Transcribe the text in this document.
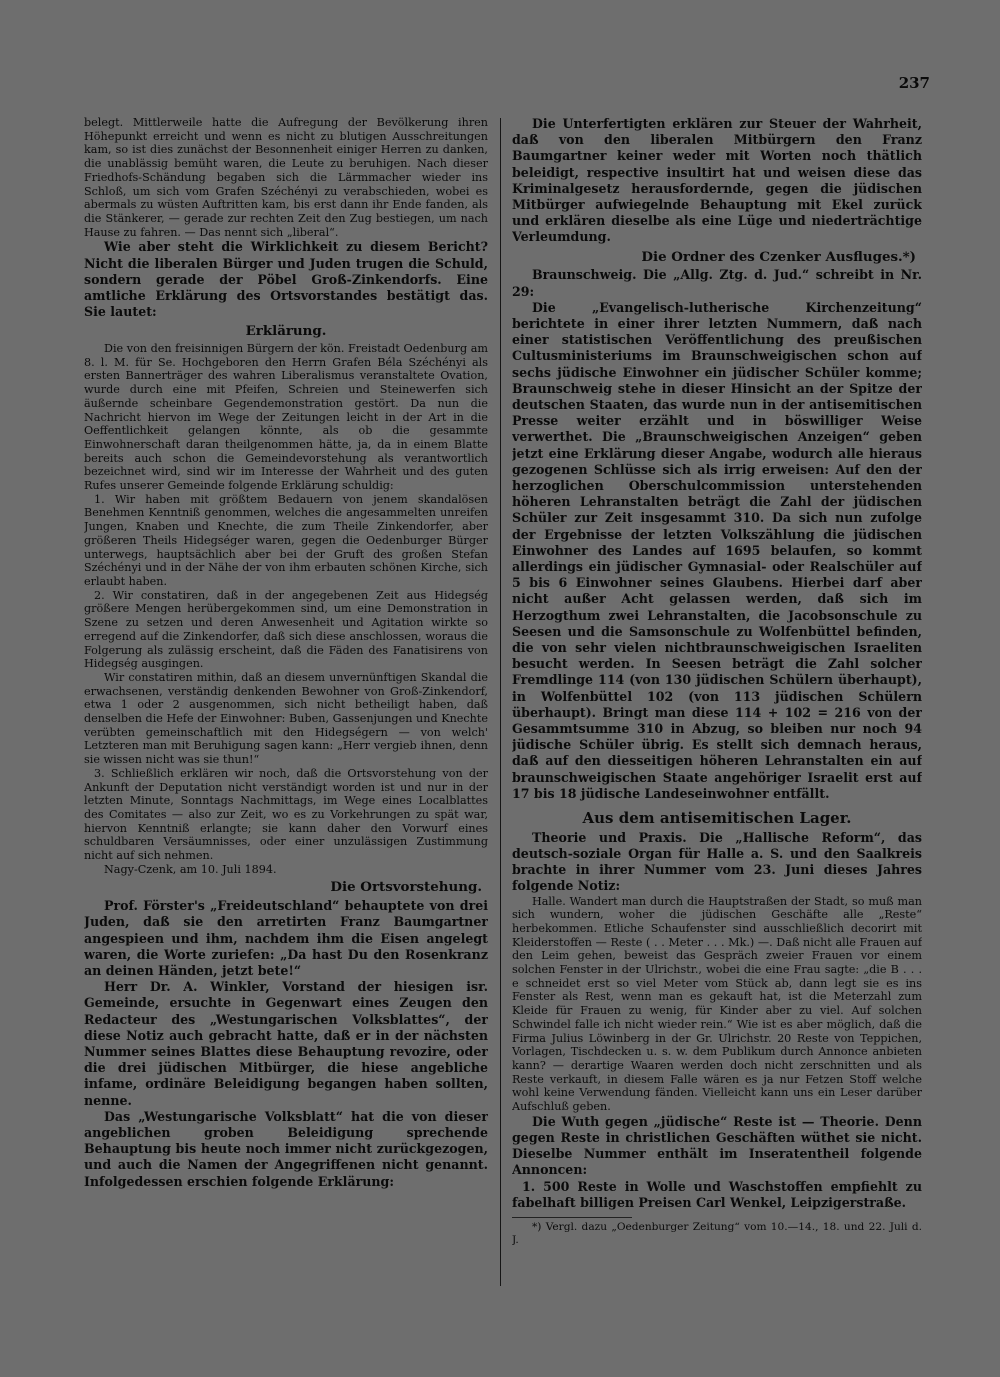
237

belegt. Mittlerweile hatte die Aufregung der Bevölkerung ihren Höhepunkt erreicht und wenn es nicht zu blutigen Ausschreitungen kam, so ist dies zunächst der Besonnenheit einiger Herren zu danken, die unablässig bemüht waren, die Leute zu beruhigen. Nach dieser Friedhofs-Schändung begaben sich die Lärmmacher wieder ins Schloß, um sich vom Grafen Széchényi zu verabschieden, wobei es abermals zu wüsten Auftritten kam, bis erst dann ihr Ende fanden, als die Stänkerer, — gerade zur rechten Zeit den Zug bestiegen, um nach Hause zu fahren. — Das nennt sich „liberal“.

Wie aber steht die Wirklichkeit zu diesem Bericht? Nicht die liberalen Bürger und Juden trugen die Schuld, sondern gerade der Pöbel Groß-Zinkendorfs. Eine amtliche Erklärung des Ortsvorstandes bestätigt das. Sie lautet:

Erklärung.

Die von den freisinnigen Bürgern der kön. Freistadt Oedenburg am 8. l. M. für Se. Hochgeboren den Herrn Grafen Béla Széchényi als ersten Bannerträger des wahren Liberalismus veranstaltete Ovation, wurde durch eine mit Pfeifen, Schreien und Steinewerfen sich äußernde scheinbare Gegendemonstration gestört. Da nun die Nachricht hiervon im Wege der Zeitungen leicht in der Art in die Oeffentlichkeit gelangen könnte, als ob die gesammte Einwohnerschaft daran theilgenommen hätte, ja, da in einem Blatte bereits auch schon die Gemeindevorstehung als verantwortlich bezeichnet wird, sind wir im Interesse der Wahrheit und des guten Rufes unserer Gemeinde folgende Erklärung schuldig:

1. Wir haben mit größtem Bedauern von jenem skandalösen Benehmen Kenntniß genommen, welches die angesammelten unreifen Jungen, Knaben und Knechte, die zum Theile Zinkendorfer, aber größeren Theils Hidegséger waren, gegen die Oedenburger Bürger unterwegs, hauptsächlich aber bei der Gruft des großen Stefan Széchényi und in der Nähe der von ihm erbauten schönen Kirche, sich erlaubt haben.

2. Wir constatiren, daß in der angegebenen Zeit aus Hidegség größere Mengen herübergekommen sind, um eine Demonstration in Szene zu setzen und deren Anwesenheit und Agitation wirkte so erregend auf die Zinkendorfer, daß sich diese anschlossen, woraus die Folgerung als zulässig erscheint, daß die Fäden des Fanatisirens von Hidegség ausgingen.

Wir constatiren mithin, daß an diesem unvernünftigen Skandal die erwachsenen, verständig denkenden Bewohner von Groß-Zinkendorf, etwa 1 oder 2 ausgenommen, sich nicht betheiligt haben, daß denselben die Hefe der Einwohner: Buben, Gassenjungen und Knechte verübten gemeinschaftlich mit den Hidegségern — von welch' Letzteren man mit Beruhigung sagen kann: „Herr vergieb ihnen, denn sie wissen nicht was sie thun!“

3. Schließlich erklären wir noch, daß die Ortsvorstehung von der Ankunft der Deputation nicht verständigt worden ist und nur in der letzten Minute, Sonntags Nachmittags, im Wege eines Localblattes des Comitates — also zur Zeit, wo es zu Vorkehrungen zu spät war, hiervon Kenntniß erlangte; sie kann daher den Vorwurf eines schuldbaren Versäumnisses, oder einer unzulässigen Zustimmung nicht auf sich nehmen.

Nagy-Czenk, am 10. Juli 1894.

Die Ortsvorstehung.

Prof. Förster's „Freideutschland“ behauptete von drei Juden, daß sie den arretirten Franz Baumgartner angespieen und ihm, nachdem ihm die Eisen angelegt waren, die Worte zuriefen: „Da hast Du den Rosenkranz an deinen Händen, jetzt bete!“

Herr Dr. A. Winkler, Vorstand der hiesigen isr. Gemeinde, ersuchte in Gegenwart eines Zeugen den Redacteur des „Westungarischen Volksblattes“, der diese Notiz auch gebracht hatte, daß er in der nächsten Nummer seines Blattes diese Behauptung revozire, oder die drei jüdischen Mitbürger, die hiese angebliche infame, ordinäre Beleidigung begangen haben sollten, nenne.

Das „Westungarische Volksblatt“ hat die von dieser angeblichen groben Beleidigung sprechende Behauptung bis heute noch immer nicht zurückgezogen, und auch die Namen der Angegriffenen nicht genannt. Infolgedessen erschien folgende Erklärung:

Die Unterfertigten erklären zur Steuer der Wahrheit, daß von den liberalen Mitbürgern den Franz Baumgartner keiner weder mit Worten noch thätlich beleidigt, respective insultirt hat und weisen diese das Kriminalgesetz herausfordernde, gegen die jüdischen Mitbürger aufwiegelnde Behauptung mit Ekel zurück und erklären dieselbe als eine Lüge und niederträchtige Verleumdung.

Die Ordner des Czenker Ausfluges.*)

Braunschweig. Die „Allg. Ztg. d. Jud.“ schreibt in Nr. 29:

Die „Evangelisch-lutherische Kirchenzeitung“ berichtete in einer ihrer letzten Nummern, daß nach einer statistischen Veröffentlichung des preußischen Cultusministeriums im Braunschweigischen schon auf sechs jüdische Einwohner ein jüdischer Schüler komme; Braunschweig stehe in dieser Hinsicht an der Spitze der deutschen Staaten, das wurde nun in der antisemitischen Presse weiter erzählt und in böswilliger Weise verwerthet. Die „Braunschweigischen Anzeigen“ geben jetzt eine Erklärung dieser Angabe, wodurch alle hieraus gezogenen Schlüsse sich als irrig erweisen: Auf den der herzoglichen Oberschulcommission unterstehenden höheren Lehranstalten beträgt die Zahl der jüdischen Schüler zur Zeit insgesammt 310. Da sich nun zufolge der Ergebnisse der letzten Volkszählung die jüdischen Einwohner des Landes auf 1695 belaufen, so kommt allerdings ein jüdischer Gymnasial- oder Realschüler auf 5 bis 6 Einwohner seines Glaubens. Hierbei darf aber nicht außer Acht gelassen werden, daß sich im Herzogthum zwei Lehranstalten, die Jacobsonschule zu Seesen und die Samsonschule zu Wolfenbüttel befinden, die von sehr vielen nichtbraunschweigischen Israeliten besucht werden. In Seesen beträgt die Zahl solcher Fremdlinge 114 (von 130 jüdischen Schülern überhaupt), in Wolfenbüttel 102 (von 113 jüdischen Schülern überhaupt). Bringt man diese 114 + 102 = 216 von der Gesammtsumme 310 in Abzug, so bleiben nur noch 94 jüdische Schüler übrig. Es stellt sich demnach heraus, daß auf den diesseitigen höheren Lehranstalten ein auf braunschweigischen Staate angehöriger Israelit erst auf 17 bis 18 jüdische Landeseinwohner entfällt.

Aus dem antisemitischen Lager.

Theorie und Praxis. Die „Hallische Reform“, das deutsch-soziale Organ für Halle a. S. und den Saalkreis brachte in ihrer Nummer vom 23. Juni dieses Jahres folgende Notiz:

Halle. Wandert man durch die Hauptstraßen der Stadt, so muß man sich wundern, woher die jüdischen Geschäfte alle „Reste“ herbekommen. Etliche Schaufenster sind ausschließlich decorirt mit Kleiderstoffen — Reste ( . . Meter . . . Mk.) —. Daß nicht alle Frauen auf den Leim gehen, beweist das Gespräch zweier Frauen vor einem solchen Fenster in der Ulrichstr., wobei die eine Frau sagte: „die B . . . e schneidet erst so viel Meter vom Stück ab, dann legt sie es ins Fenster als Rest, wenn man es gekauft hat, ist die Meterzahl zum Kleide für Frauen zu wenig, für Kinder aber zu viel. Auf solchen Schwindel falle ich nicht wieder rein.“ Wie ist es aber möglich, daß die Firma Julius Löwinberg in der Gr. Ulrichstr. 20 Reste von Teppichen, Vorlagen, Tischdecken u. s. w. dem Publikum durch Annonce anbieten kann? — derartige Waaren werden doch nicht zerschnitten und als Reste verkauft, in diesem Falle wären es ja nur Fetzen Stoff welche wohl keine Verwendung fänden. Vielleicht kann uns ein Leser darüber Aufschluß geben.

Die Wuth gegen „jüdische“ Reste ist — Theorie. Denn gegen Reste in christlichen Geschäften wüthet sie nicht. Dieselbe Nummer enthält im Inseratentheil folgende Annoncen:

1. 500 Reste in Wolle und Waschstoffen empfiehlt zu fabelhaft billigen Preisen Carl Wenkel, Leipzigerstraße.

*) Vergl. dazu „Oedenburger Zeitung“ vom 10.—14., 18. und 22. Juli d. J.
